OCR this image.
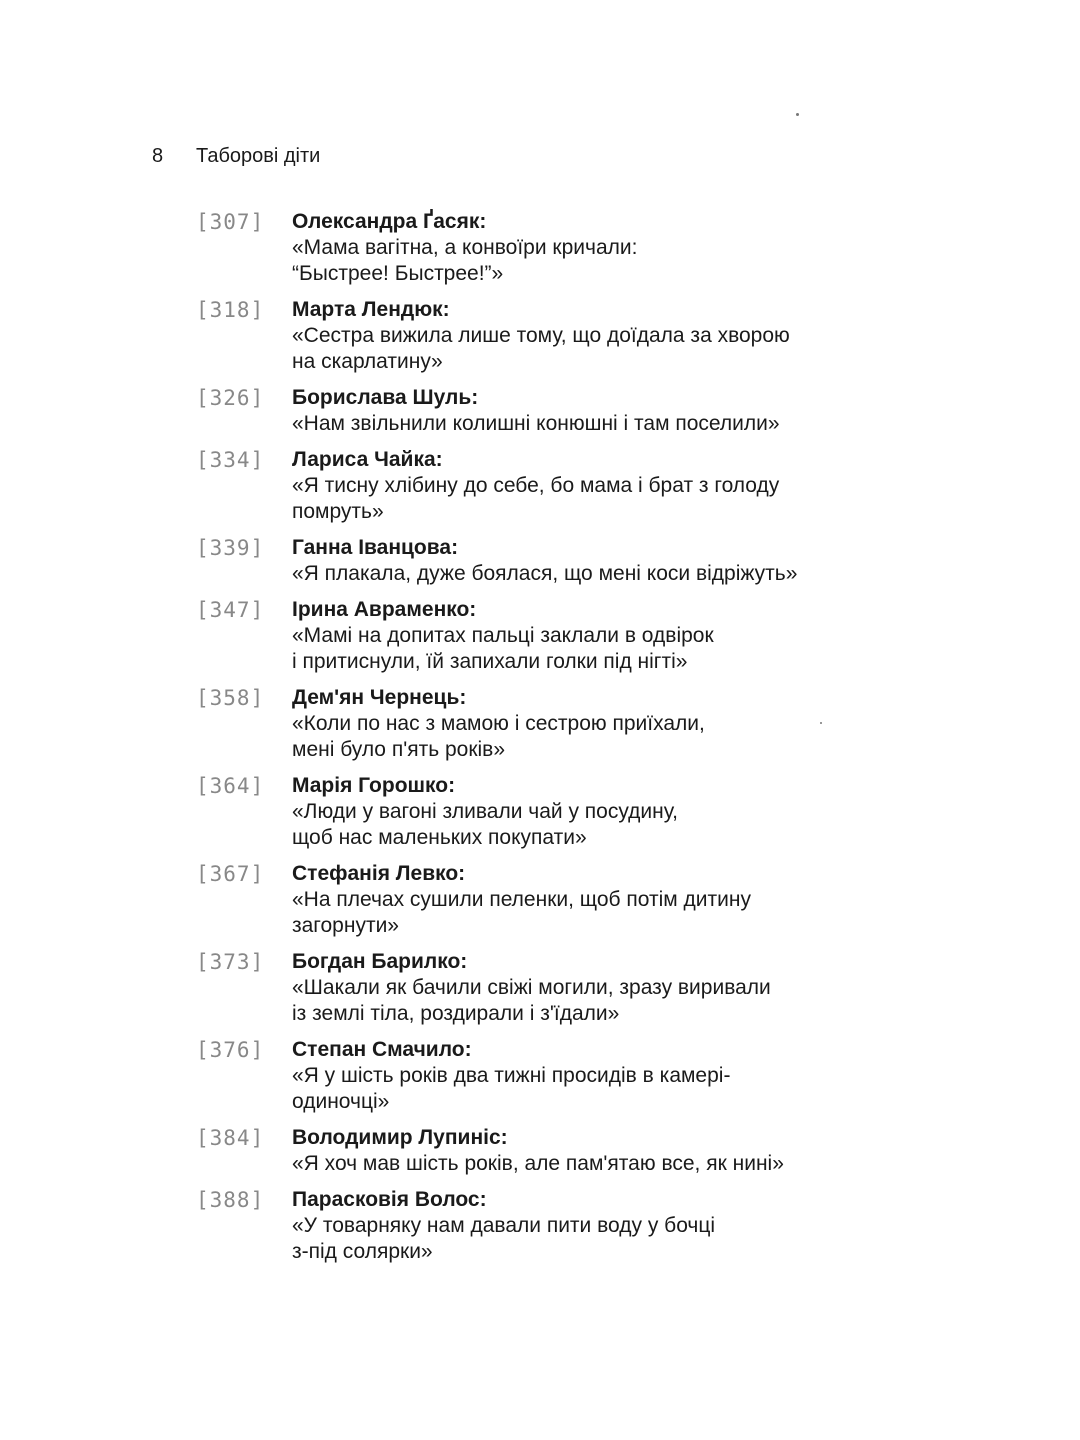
8 Таборові діти
[307]	Олександра Ґасяк:
«Мама вагітна, а конвоїри кричали:
“Быстрее! Быстрее!”»
[318]	Марта Лендюк:
«Сестра вижила лише тому, що доїдала за хворою
на скарлатину»
[326]	Борислава Шуль:
«Нам звільнили колишні конюшні і там поселили»
[334]	Лариса Чайка:
«Я тисну хлібину до себе, бо мама і брат з голоду
помруть»
[339]	Ганна Іванцова:
«Я плакала, дуже боялася, що мені коси відріжуть»
[347]	Ірина Авраменко:
«Мамі на допитах пальці заклали в одвірок
і притиснули, їй запихали голки під нігті»
[358]	Дем'ян Чернець:
«Коли по нас з мамою і сестрою приїхали,
мені було п'ять років»
[364]	Марія Горошко:
«Люди у вагоні зливали чай у посудину,
щоб нас маленьких покупати»
[367]	Стефанія Левко:
«На плечах сушили пеленки, щоб потім дитину
загорнути»
[373]	Богдан Барилко:
«Шакали як бачили свіжі могили, зразу виривали
із землі тіла, роздирали і з'їдали»
[376]	Степан Смачило:
«Я у шість років два тижні просидів в камері-
одиночці»
[384]	Володимир Лупиніс:
«Я хоч мав шість років, але пам'ятаю все, як нині»
[388]	Парасковія Волос:
«У товарняку нам давали пити воду у бочці
з-під солярки»
